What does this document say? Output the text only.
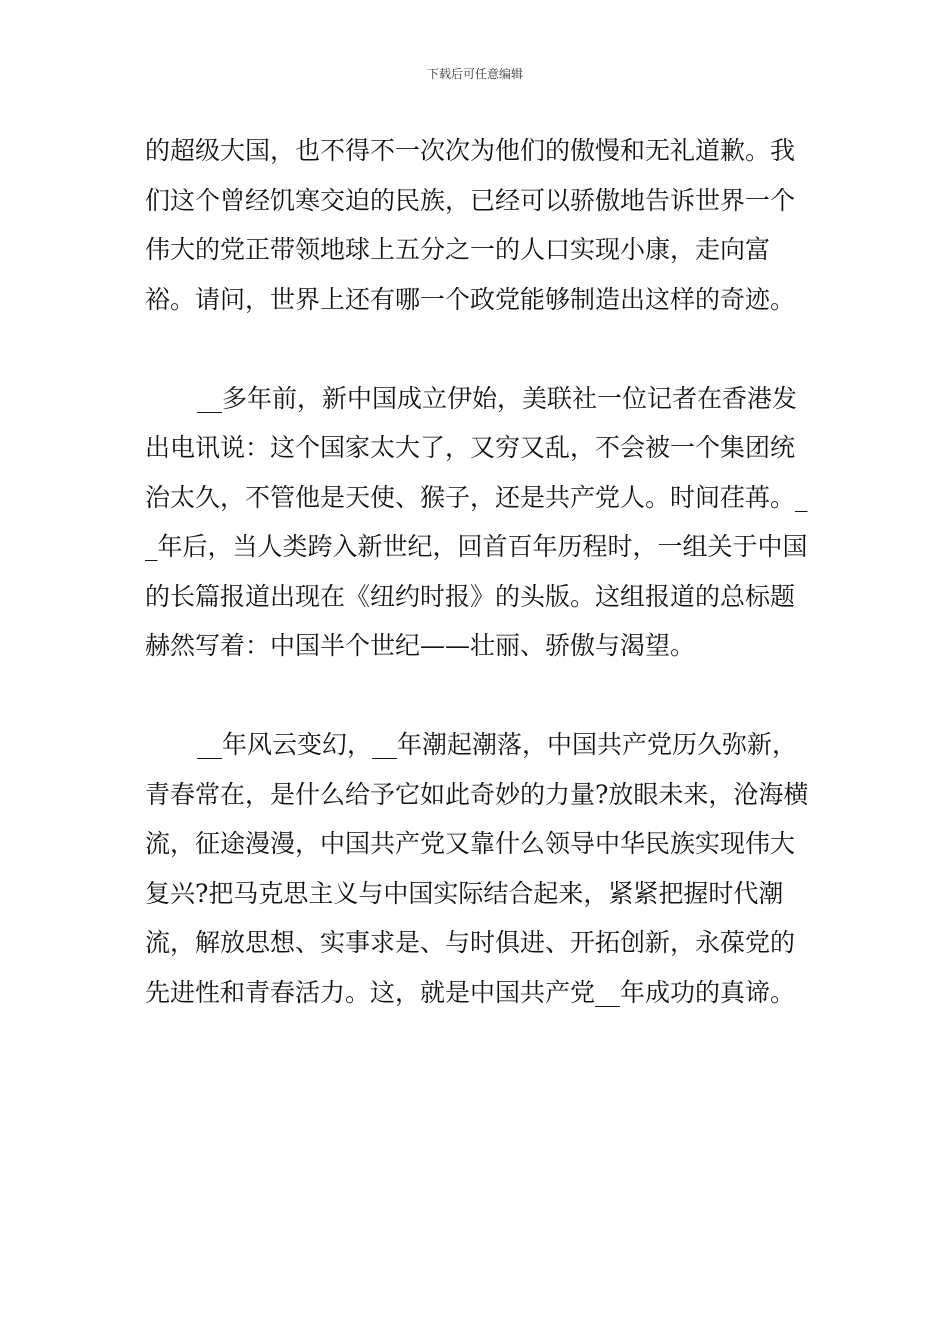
下载后可任意编辑

的超级大国，也不得不一次次为他们的傲慢和无礼道歉。我们这个曾经饥寒交迫的民族，已经可以骄傲地告诉世界一个伟大的党正带领地球上五分之一的人口实现小康，走向富裕。请问，世界上还有哪一个政党能够制造出这样的奇迹。

__多年前，新中国成立伊始，美联社一位记者在香港发出电讯说：这个国家太大了，又穷又乱，不会被一个集团统治太久，不管他是天使、猴子，还是共产党人。时间荏苒。__年后，当人类跨入新世纪，回首百年历程时，一组关于中国的长篇报道出现在《纽约时报》的头版。这组报道的总标题赫然写着：中国半个世纪——壮丽、骄傲与渴望。

__年风云变幻，__年潮起潮落，中国共产党历久弥新，青春常在，是什么给予它如此奇妙的力量?放眼未来，沧海横流，征途漫漫，中国共产党又靠什么领导中华民族实现伟大复兴?把马克思主义与中国实际结合起来，紧紧把握时代潮流，解放思想、实事求是、与时俱进、开拓创新，永葆党的先进性和青春活力。这，就是中国共产党__年成功的真谛。
